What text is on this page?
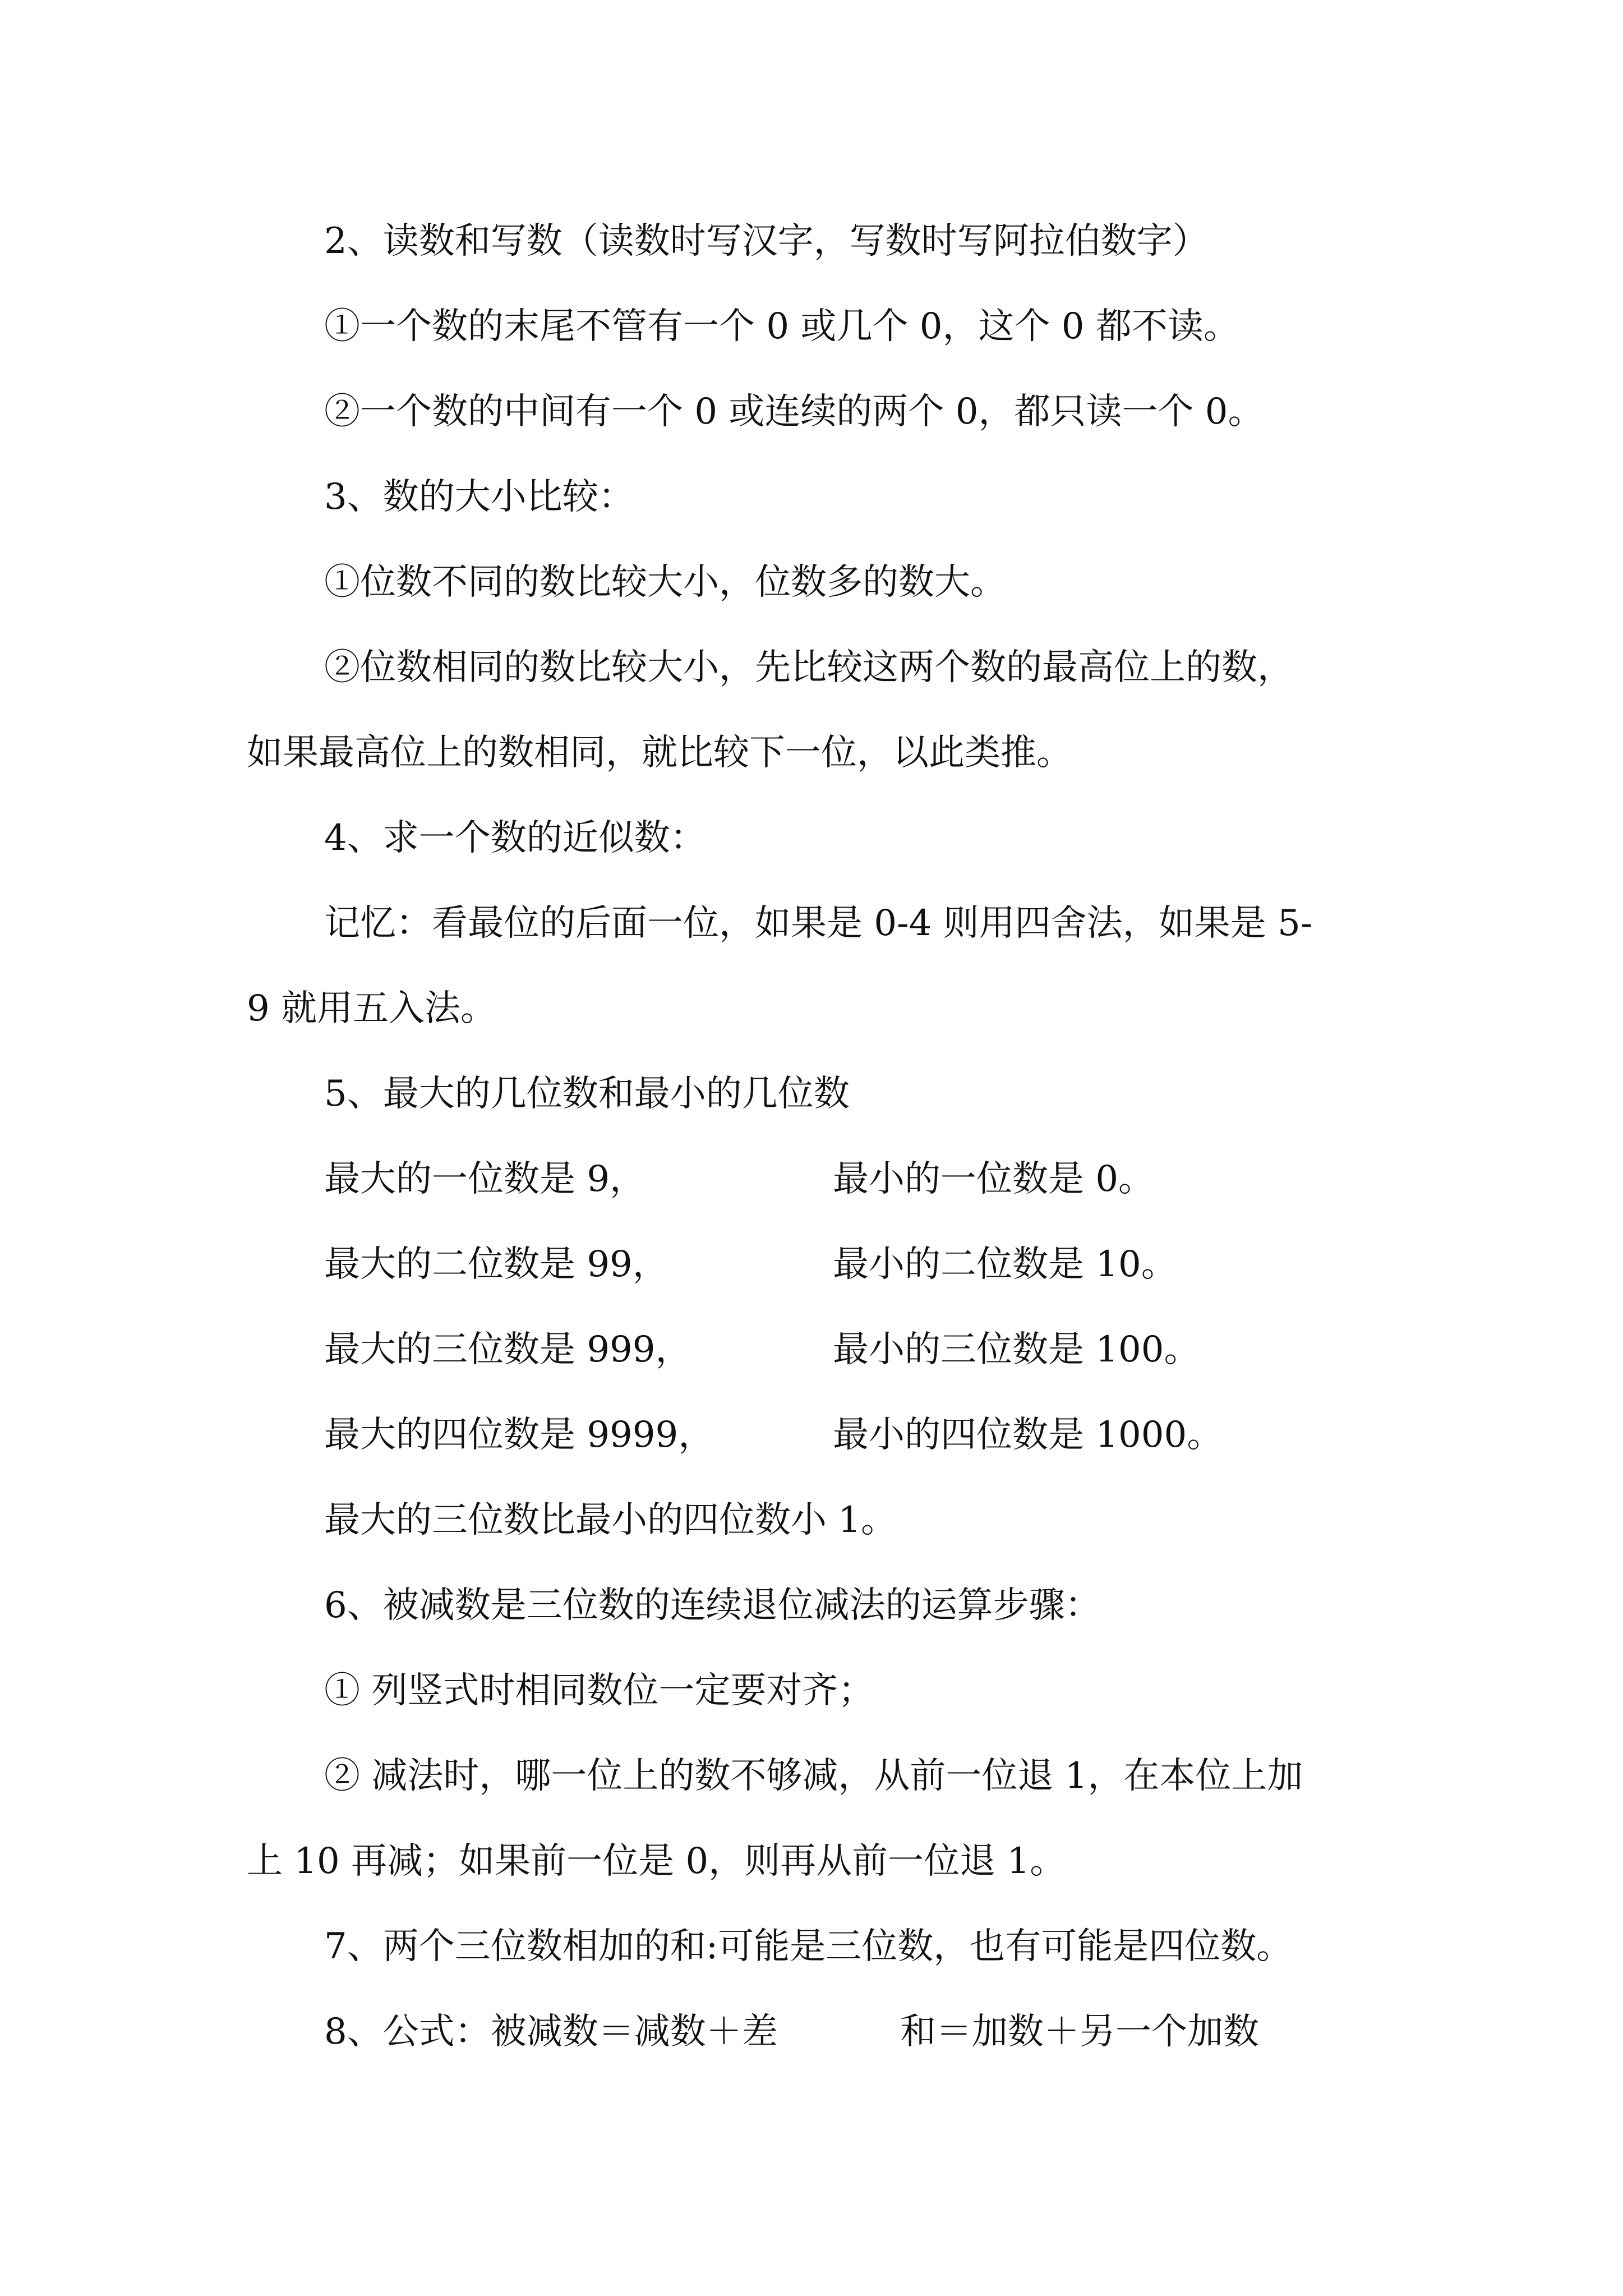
2、读数和写数（读数时写汉字，写数时写阿拉伯数字）
①一个数的末尾不管有一个 0 或几个 0，这个 0 都不读。
②一个数的中间有一个 0 或连续的两个 0，都只读一个 0。
3、数的大小比较：
①位数不同的数比较大小，位数多的数大。
②位数相同的数比较大小，先比较这两个数的最高位上的数，
如果最高位上的数相同，就比较下一位，以此类推。
4、求一个数的近似数：
记忆：看最位的后面一位，如果是 0-4 则用四舍法，如果是 5-
9 就用五入法。
5、最大的几位数和最小的几位数
最大的一位数是 9，	最小的一位数是 0。
最大的二位数是 99，	最小的二位数是 10。
最大的三位数是 999，	最小的三位数是 100。
最大的四位数是 9999，	最小的四位数是 1000。
最大的三位数比最小的四位数小 1。
6、被减数是三位数的连续退位减法的运算步骤：
① 列竖式时相同数位一定要对齐；
② 减法时，哪一位上的数不够减，从前一位退 1，在本位上加
上 10 再减；如果前一位是 0，则再从前一位退 1。
7、两个三位数相加的和:可能是三位数，也有可能是四位数。
8、公式：被减数＝减数＋差	和＝加数＋另一个加数
